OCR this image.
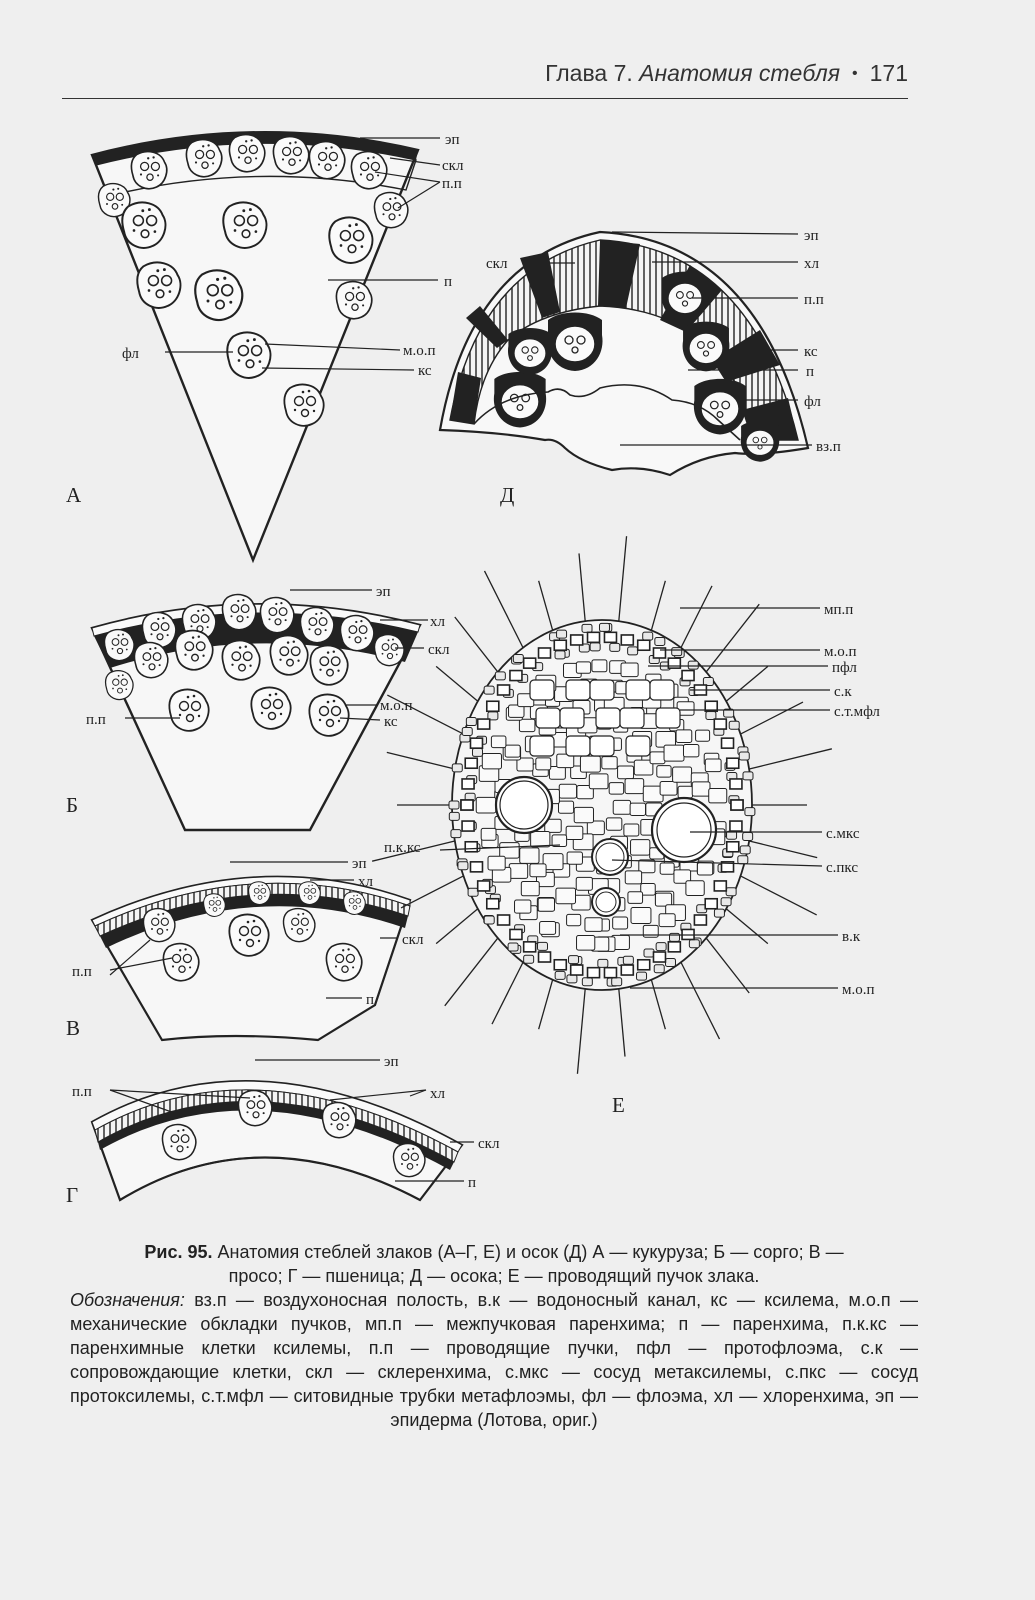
Глава 7. Анатомия стебля • 171
эп
скл
п.п
п
фл	м.о.п
кс
А
эп
скл	хл
п.п
кс
п
фл
вз.п
Д
эп
хл
скл
п.п
м.о.п
кс
Б
эп
хл
скл
п.п
п
В
эп
п.п	хл
скл
п
Г
мп.п
м.о.п
пфл
с.к
с.т.мфл
п.к.кс
с.мкс
с.пкс
в.к
м.о.п
Е
Рис. 95. Анатомия стеблей злаков (А–Г, Е) и осок (Д) А — кукуруза; Б — сорго; В —
просо; Г — пшеница; Д — осока; Е — проводящий пучок злака.
Обозначения: вз.п — воздухоносная полость, в.к — водоносный канал, кс — ксилема, м.о.п — механические обкладки пучков, мп.п — межпучковая паренхима; п — паренхима, п.к.кс — паренхимные клетки ксилемы, п.п — проводящие пучки, пфл — протофлоэма, с.к — сопровождающие клетки, скл — склеренхима, с.мкс — сосуд метаксилемы, с.пкс — сосуд протоксилемы, с.т.мфл — ситовидные трубки метафлоэмы, фл — флоэма, хл — хлоренхима, эп — эпидерма (Лотова, ориг.)
